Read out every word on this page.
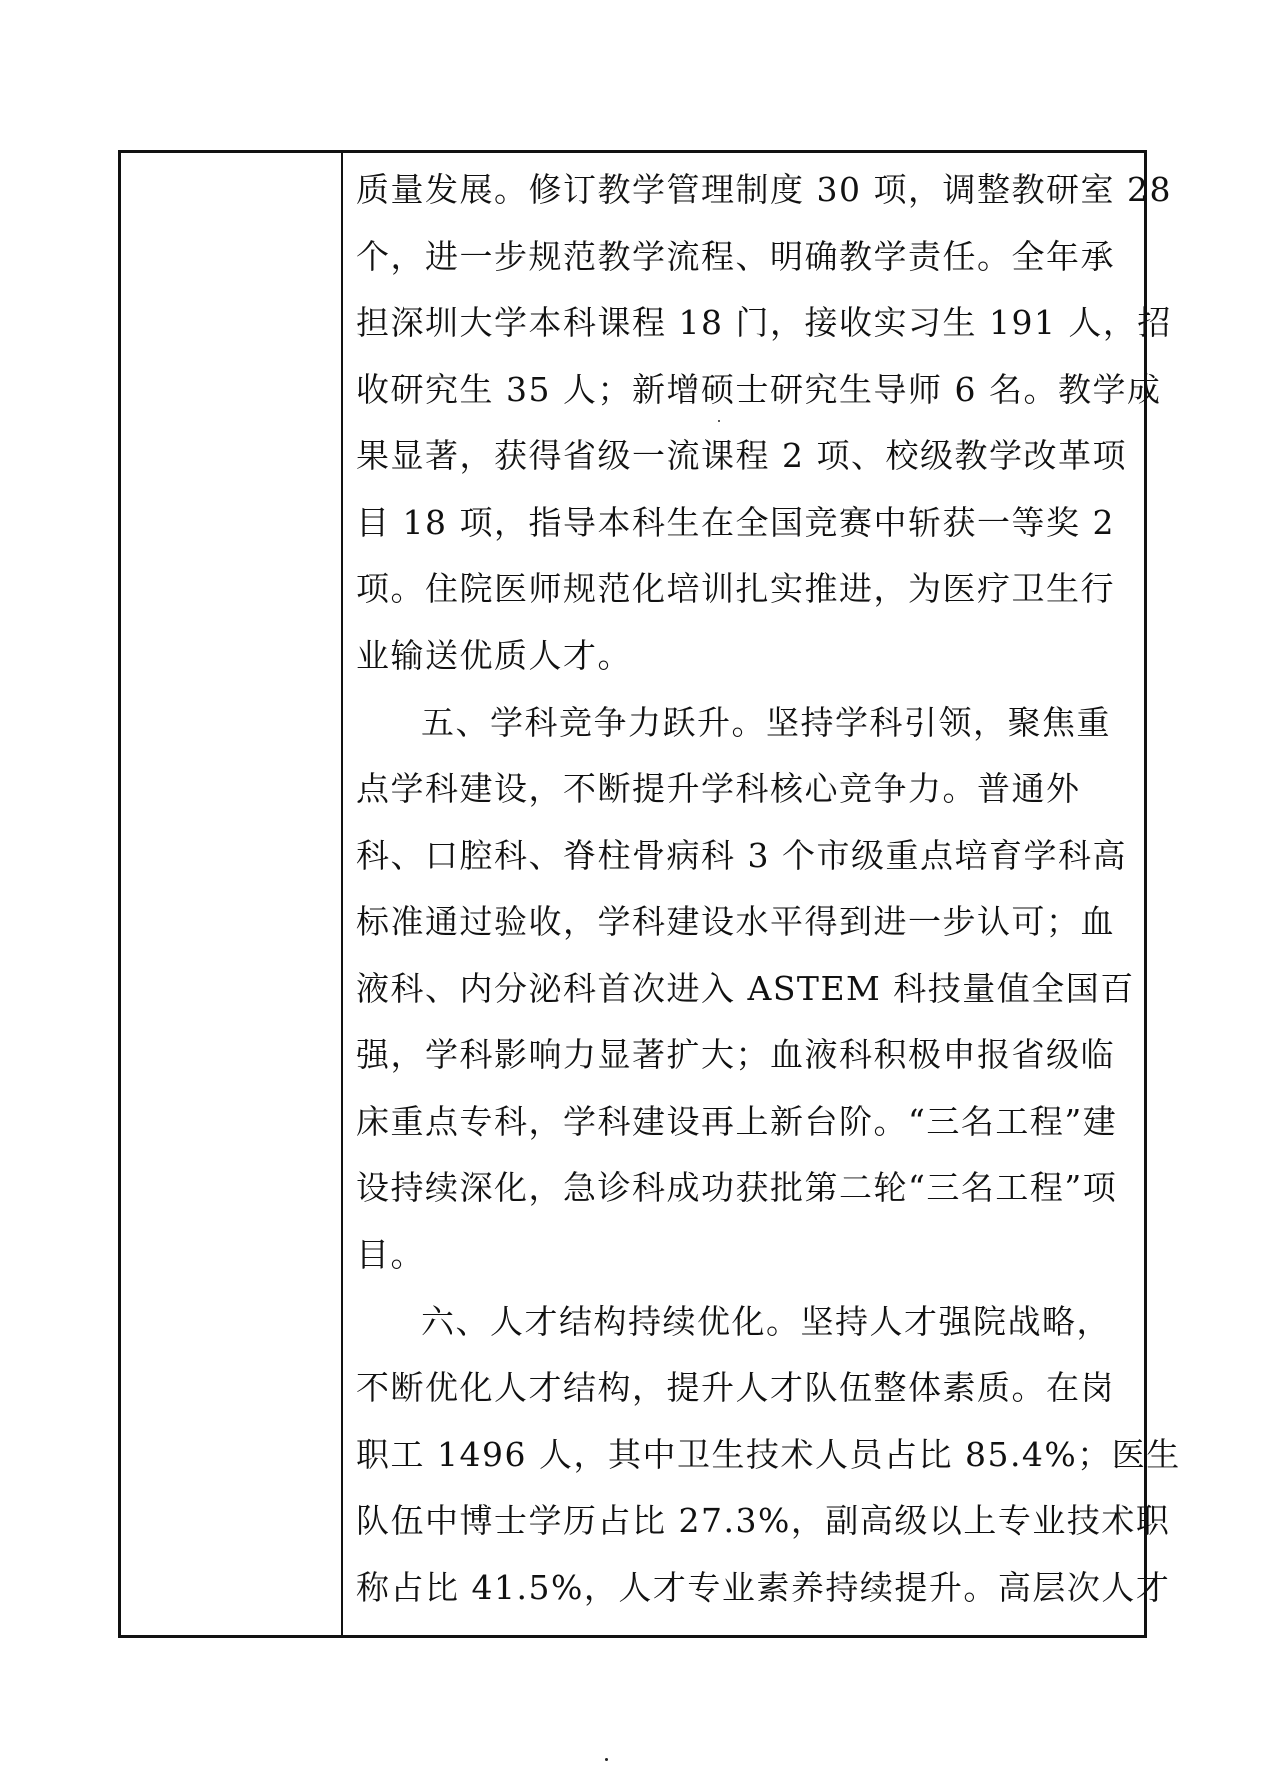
质量发展。修订教学管理制度 30 项，调整教研室 28
个，进一步规范教学流程、明确教学责任。全年承
担深圳大学本科课程 18 门，接收实习生 191 人，招
收研究生 35 人；新增硕士研究生导师 6 名。教学成
果显著，获得省级一流课程 2 项、校级教学改革项
目 18 项，指导本科生在全国竞赛中斩获一等奖 2
项。住院医师规范化培训扎实推进，为医疗卫生行
业输送优质人才。
五、学科竞争力跃升。坚持学科引领，聚焦重
点学科建设，不断提升学科核心竞争力。普通外
科、口腔科、脊柱骨病科 3 个市级重点培育学科高
标准通过验收，学科建设水平得到进一步认可；血
液科、内分泌科首次进入 ASTEM 科技量值全国百
强，学科影响力显著扩大；血液科积极申报省级临
床重点专科，学科建设再上新台阶。“三名工程”建
设持续深化，急诊科成功获批第二轮“三名工程”项
目。
六、人才结构持续优化。坚持人才强院战略，
不断优化人才结构，提升人才队伍整体素质。在岗
职工 1496 人，其中卫生技术人员占比 85.4%；医生
队伍中博士学历占比 27.3%，副高级以上专业技术职
称占比 41.5%，人才专业素养持续提升。高层次人才
